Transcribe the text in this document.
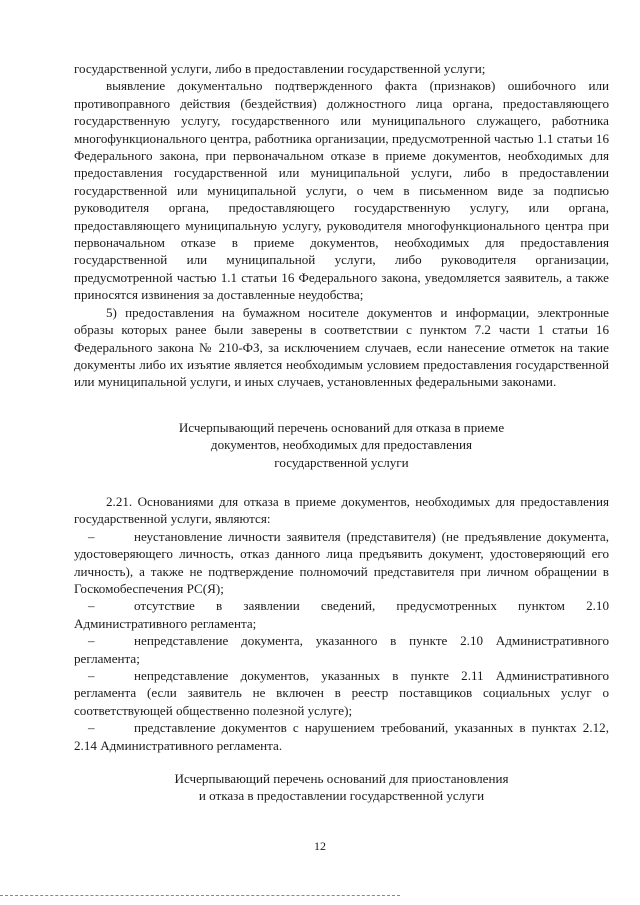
государственной услуги, либо в предоставлении государственной услуги;

выявление документально подтвержденного факта (признаков) ошибочного или противоправного действия (бездействия) должностного лица органа, предоставляющего государственную услугу, государственного или муниципального служащего, работника многофункционального центра, работника организации, предусмотренной частью 1.1 статьи 16 Федерального закона, при первоначальном отказе в приеме документов, необходимых для предоставления государственной или муниципальной услуги, либо в предоставлении государственной или муниципальной услуги, о чем в письменном виде за подписью руководителя органа, предоставляющего государственную услугу, или органа, предоставляющего муниципальную услугу, руководителя многофункционального центра при первоначальном отказе в приеме документов, необходимых для предоставления государственной или муниципальной услуги, либо руководителя организации, предусмотренной частью 1.1 статьи 16 Федерального закона, уведомляется заявитель, а также приносятся извинения за доставленные неудобства;

5) предоставления на бумажном носителе документов и информации, электронные образы которых ранее были заверены в соответствии с пунктом 7.2 части 1 статьи 16 Федерального закона № 210-ФЗ, за исключением случаев, если нанесение отметок на такие документы либо их изъятие является необходимым условием предоставления государственной или муниципальной услуги, и иных случаев, установленных федеральными законами.

Исчерпывающий перечень оснований для отказа в приеме
документов, необходимых для предоставления
государственной услуги

2.21. Основаниями для отказа в приеме документов, необходимых для предоставления государственной услуги, являются:

–	неустановление личности заявителя (представителя) (не предъявление документа, удостоверяющего личность, отказ данного лица предъявить документ, удостоверяющий его личность), а также не подтверждение полномочий представителя при личном обращении в Госкомобеспечения РС(Я);

–	отсутствие в заявлении сведений, предусмотренных пунктом 2.10 Административного регламента;

–	непредставление документа, указанного в пункте 2.10 Административного регламента;

–	непредставление документов, указанных в пункте 2.11 Административного регламента (если заявитель не включен в реестр поставщиков социальных услуг о соответствующей общественно полезной услуге);

–	представление документов с нарушением требований, указанных в пунктах 2.12, 2.14 Административного регламента.

Исчерпывающий перечень оснований для приостановления
и отказа в предоставлении государственной услуги
12
